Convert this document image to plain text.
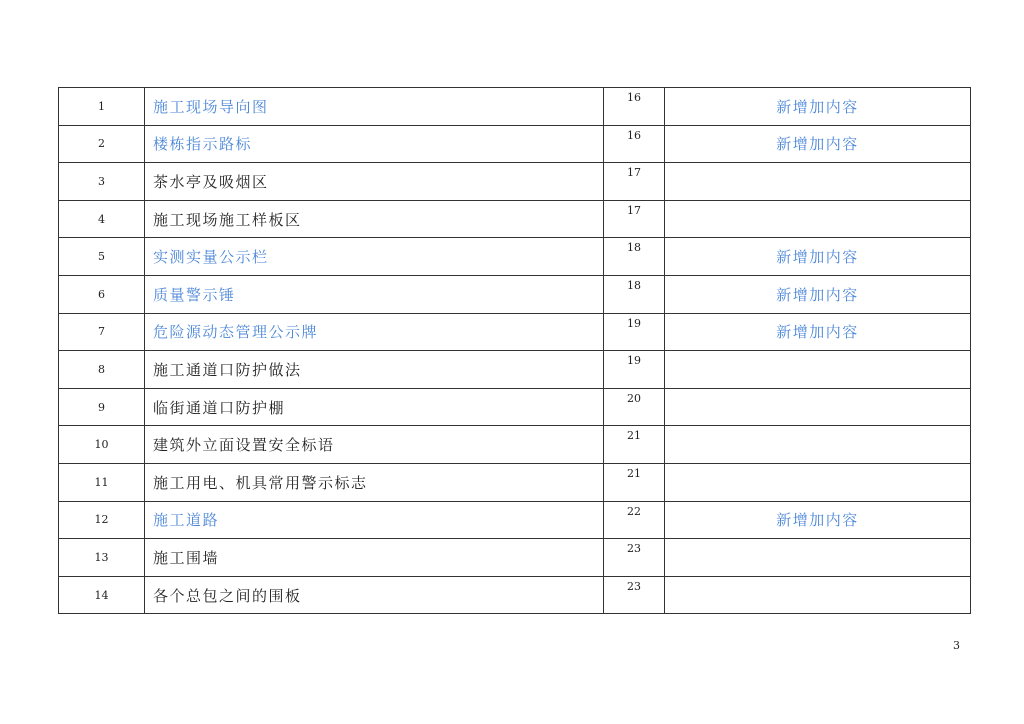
1	施工现场导向图	16	新增加内容
2	楼栋指示路标	16	新增加内容
3	茶水亭及吸烟区	17	
4	施工现场施工样板区	17	
5	实测实量公示栏	18	新增加内容
6	质量警示锤	18	新增加内容
7	危险源动态管理公示牌	19	新增加内容
8	施工通道口防护做法	19	
9	临街通道口防护棚	20	
10	建筑外立面设置安全标语	21	
11	施工用电、机具常用警示标志	21	
12	施工道路	22	新增加内容
13	施工围墙	23	
14	各个总包之间的围板	23	
3
